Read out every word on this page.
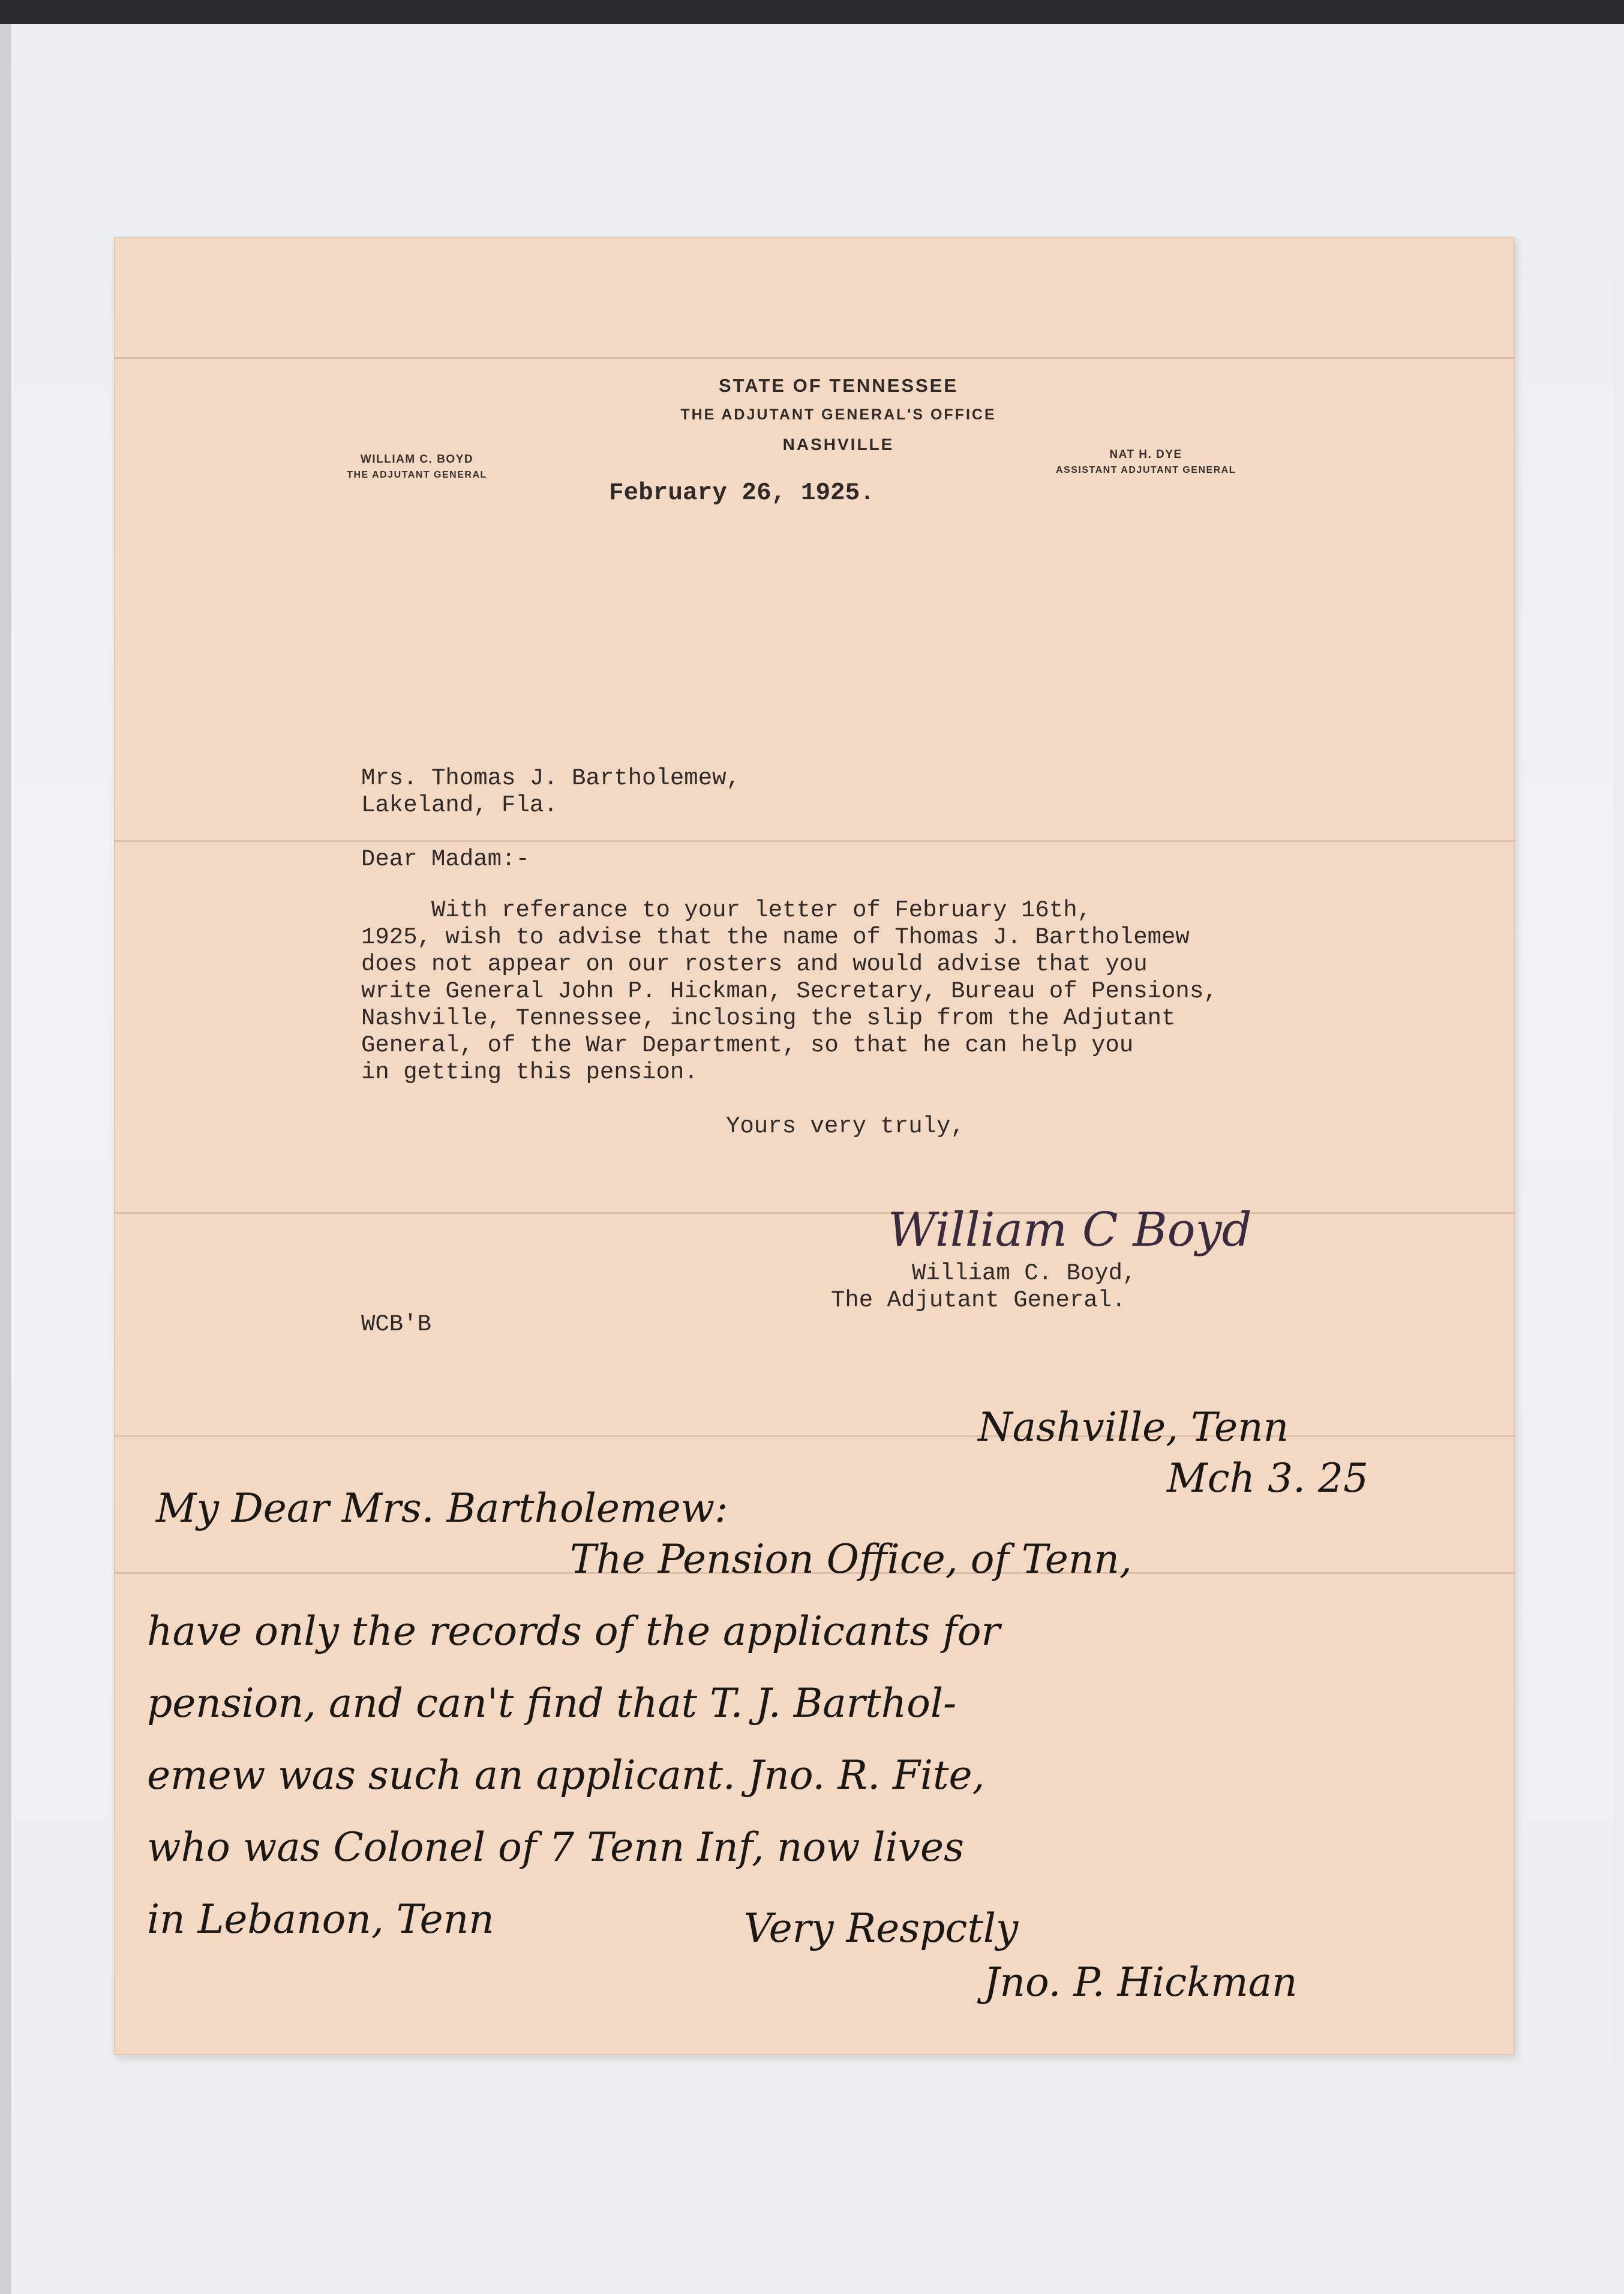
STATE OF TENNESSEE
THE ADJUTANT GENERAL'S OFFICE
NASHVILLE
WILLIAM C. BOYD
THE ADJUTANT GENERAL
NAT H. DYE
ASSISTANT ADJUTANT GENERAL
February 26, 1925.
Mrs. Thomas J. Bartholemew,
Lakeland, Fla.
Dear Madam:-
With referance to your letter of February 16th,
1925, wish to advise that the name of Thomas J. Bartholemew
does not appear on our rosters and would advise that you
write General John P. Hickman, Secretary, Bureau of Pensions,
Nashville, Tennessee, inclosing the slip from the Adjutant
General, of the War Department, so that he can help you
in getting this pension.
Yours very truly,
William C Boyd
William C. Boyd,
The Adjutant General.
WCB'B
Nashville, Tenn
Mch 3. 25
My Dear Mrs. Bartholemew:
The Pension Office, of Tenn,
have only the records of the applicants for
pension, and can't find that T. J. Barthol-
emew was such an applicant. Jno. R. Fite,
who was Colonel of 7 Tenn Inf, now lives
in Lebanon, Tenn	Very Respctly
Jno. P. Hickman
